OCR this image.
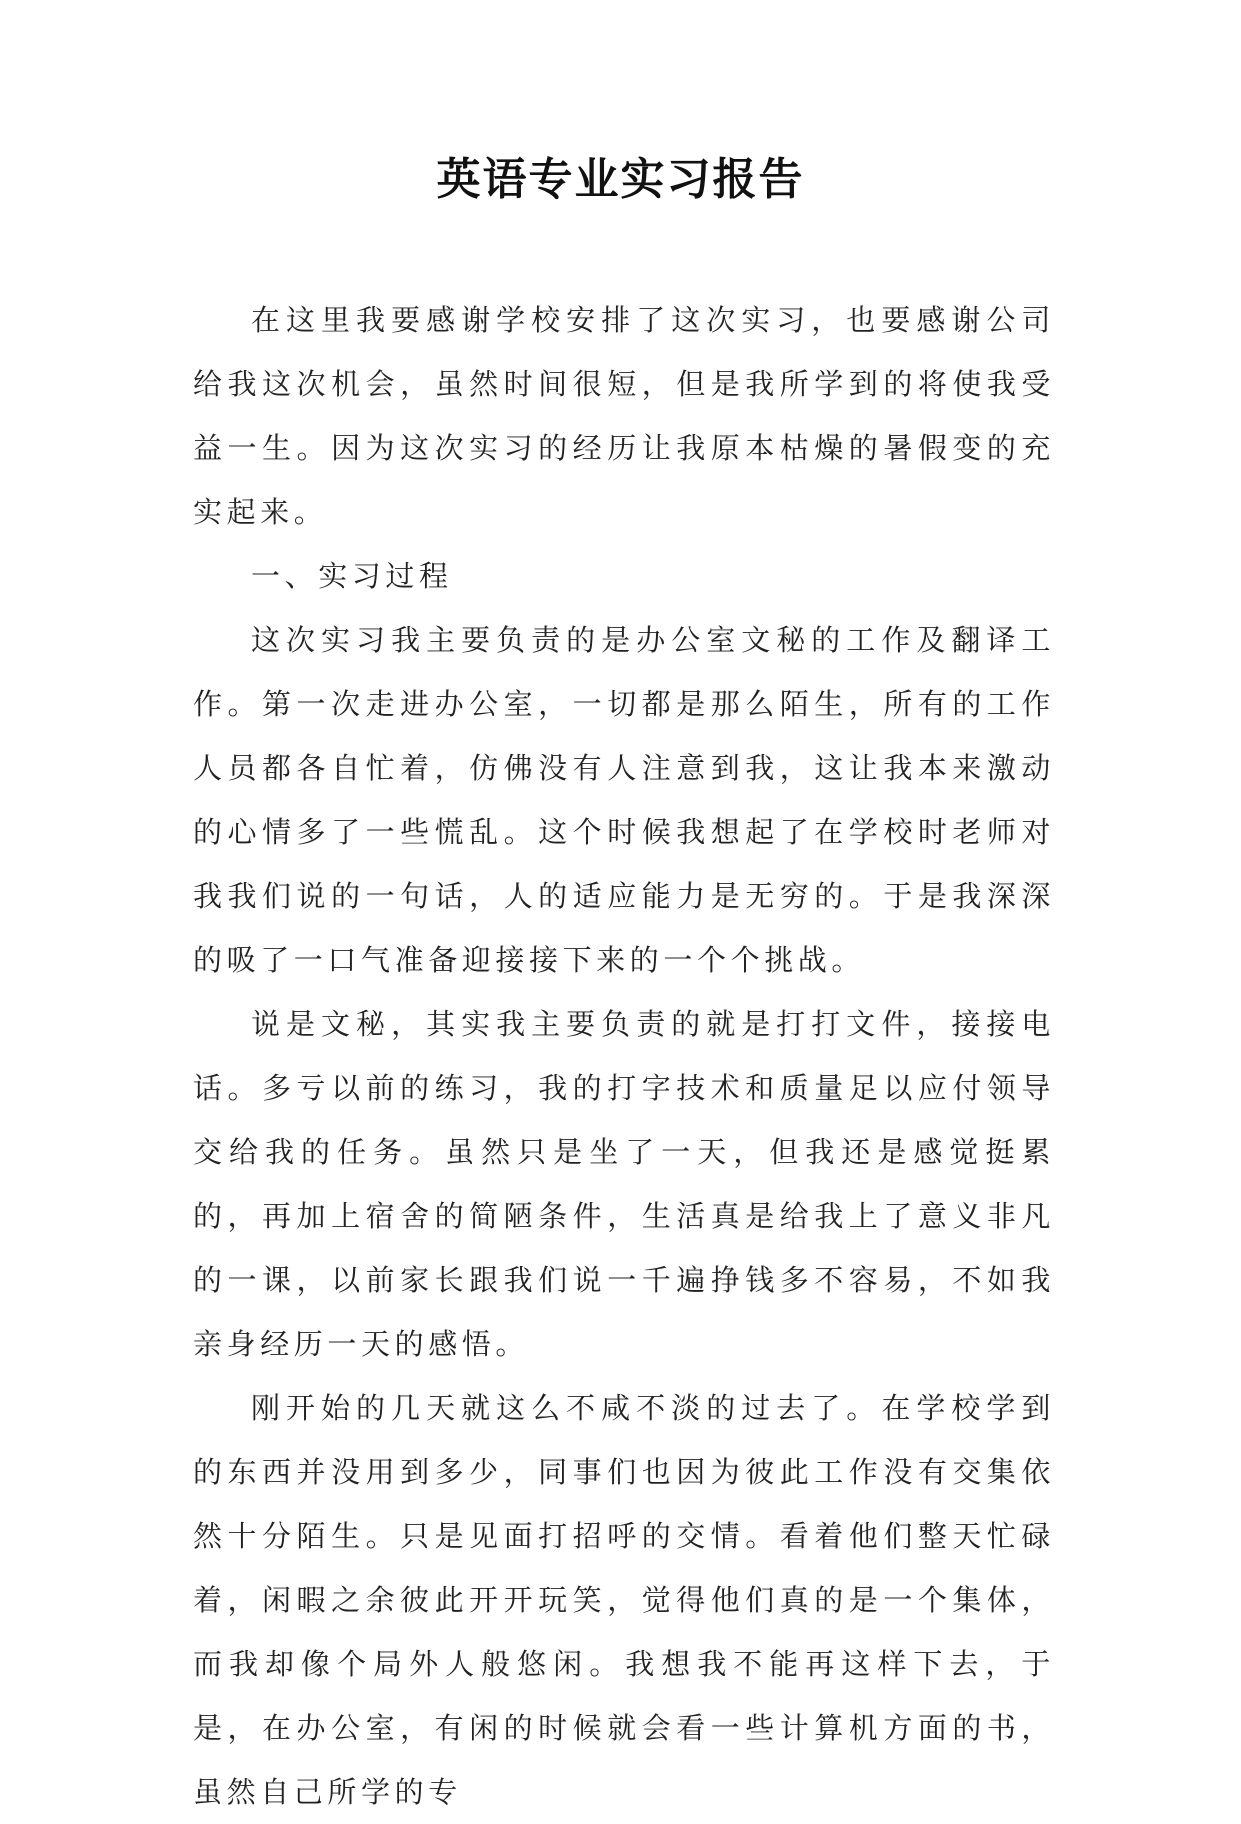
英语专业实习报告

在这里我要感谢学校安排了这次实习，也要感谢公司给我这次机会，虽然时间很短，但是我所学到的将使我受益一生。因为这次实习的经历让我原本枯燥的暑假变的充实起来。

一、实习过程

这次实习我主要负责的是办公室文秘的工作及翻译工作。第一次走进办公室，一切都是那么陌生，所有的工作人员都各自忙着，仿佛没有人注意到我，这让我本来激动的心情多了一些慌乱。这个时候我想起了在学校时老师对我我们说的一句话，人的适应能力是无穷的。于是我深深的吸了一口气准备迎接接下来的一个个挑战。

说是文秘，其实我主要负责的就是打打文件，接接电话。多亏以前的练习，我的打字技术和质量足以应付领导交给我的任务。虽然只是坐了一天，但我还是感觉挺累的，再加上宿舍的简陋条件，生活真是给我上了意义非凡的一课，以前家长跟我们说一千遍挣钱多不容易，不如我亲身经历一天的感悟。

刚开始的几天就这么不咸不淡的过去了。在学校学到的东西并没用到多少，同事们也因为彼此工作没有交集依然十分陌生。只是见面打招呼的交情。看着他们整天忙碌着，闲暇之余彼此开开玩笑，觉得他们真的是一个集体，而我却像个局外人般悠闲。我想我不能再这样下去，于是，在办公室，有闲的时候就会看一些计算机方面的书，虽然自己所学的专
